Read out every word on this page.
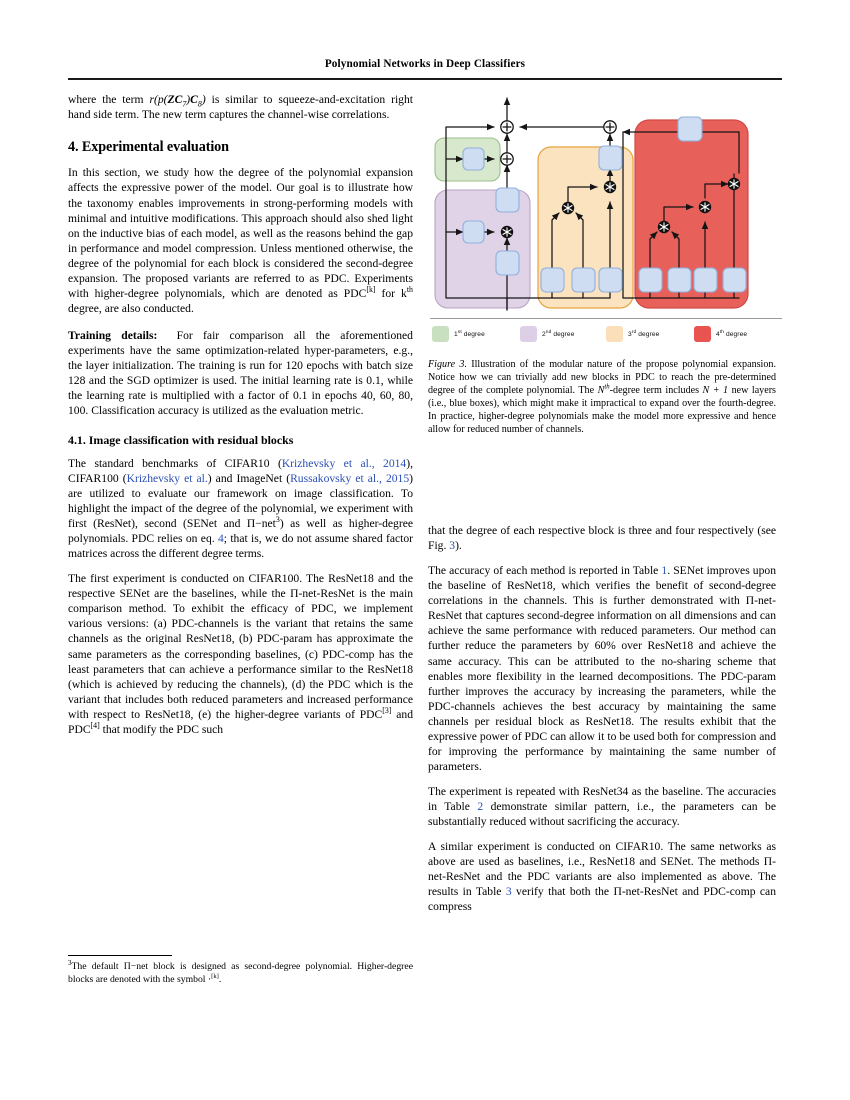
Polynomial Networks in Deep Classifiers

where the term $r(p(ZC_7)C_8)$ is similar to squeeze-and-excitation right hand side term. The new term captures the channel-wise correlations.

4. Experimental evaluation

In this section, we study how the degree of the polynomial expansion affects the expressive power of the model. Our goal is to illustrate how the taxonomy enables improvements in strong-performing models with minimal and intuitive modifications. This approach should also shed light on the inductive bias of each model, as well as the reasons behind the gap in performance and model compression. Unless mentioned otherwise, the degree of the polynomial for each block is considered the second-degree expansion. The proposed variants are referred to as PDC. Experiments with higher-degree polynomials, which are denoted as PDC[k] for $k^{th}$ degree, are also conducted.

Training details: For fair comparison all the aforementioned experiments have the same optimization-related hyper-parameters, e.g., the layer initialization. The training is run for 120 epochs with batch size 128 and the SGD optimizer is used. The initial learning rate is 0.1, while the learning rate is multiplied with a factor of 0.1 in epochs 40, 60, 80, 100. Classification accuracy is utilized as the evaluation metric.

4.1. Image classification with residual blocks

The standard benchmarks of CIFAR10 (Krizhevsky et al., 2014), CIFAR100 (Krizhevsky et al.) and ImageNet (Russakovsky et al., 2015) are utilized to evaluate our framework on image classification. To highlight the impact of the degree of the polynomial, we experiment with first (ResNet), second (SENet and Π−net$^3$) as well as higher-degree polynomials. PDC relies on eq. 4; that is, we do not assume shared factor matrices across the different degree terms.

The first experiment is conducted on CIFAR100. The ResNet18 and the respective SENet are the baselines, while the Π-net-ResNet is the main comparison method. To exhibit the efficacy of PDC, we implement various versions: (a) PDC-channels is the variant that retains the same channels as the original ResNet18, (b) PDC-param has approximate the same parameters as the corresponding baselines, (c) PDC-comp has the least parameters that can achieve a performance similar to the ResNet18 (which is achieved by reducing the channels), (d) the PDC which is the variant that includes both reduced parameters and increased performance with respect to ResNet18, (e) the higher-degree variants of PDC[3] and PDC[4] that modify the PDC such

$^3$The default Π−net block is designed as second-degree polynomial. Higher-degree blocks are denoted with the symbol ·[k].
1st degree	2nd degree	3rd degree	4th degree
Figure 3. Illustration of the modular nature of the propose polynomial expansion. Notice how we can trivially add new blocks in PDC to reach the pre-determined degree of the complete polynomial. The $N^{th}$-degree term includes N + 1 new layers (i.e., blue boxes), which might make it impractical to expand over the fourth-degree. In practice, higher-degree polynomials make the model more expressive and hence allow for reduced number of channels.

that the degree of each respective block is three and four respectively (see Fig. 3).

The accuracy of each method is reported in Table 1. SENet improves upon the baseline of ResNet18, which verifies the benefit of second-degree correlations in the channels. This is further demonstrated with Π-net-ResNet that captures second-degree information on all dimensions and can achieve the same performance with reduced parameters. Our method can further reduce the parameters by 60% over ResNet18 and achieve the same accuracy. This can be attributed to the no-sharing scheme that enables more flexibility in the learned decompositions. The PDC-param further improves the accuracy by increasing the parameters, while the PDC-channels achieves the best accuracy by maintaining the same channels per residual block as ResNet18. The results exhibit that the expressive power of PDC can allow it to be used both for compression and for improving the performance by maintaining the same number of parameters.

The experiment is repeated with ResNet34 as the baseline. The accuracies in Table 2 demonstrate similar pattern, i.e., the parameters can be substantially reduced without sacrificing the accuracy.

A similar experiment is conducted on CIFAR10. The same networks as above are used as baselines, i.e., ResNet18 and SENet. The methods Π-net-ResNet and the PDC variants are also implemented as above. The results in Table 3 verify that both the Π-net-ResNet and PDC-comp can compress
